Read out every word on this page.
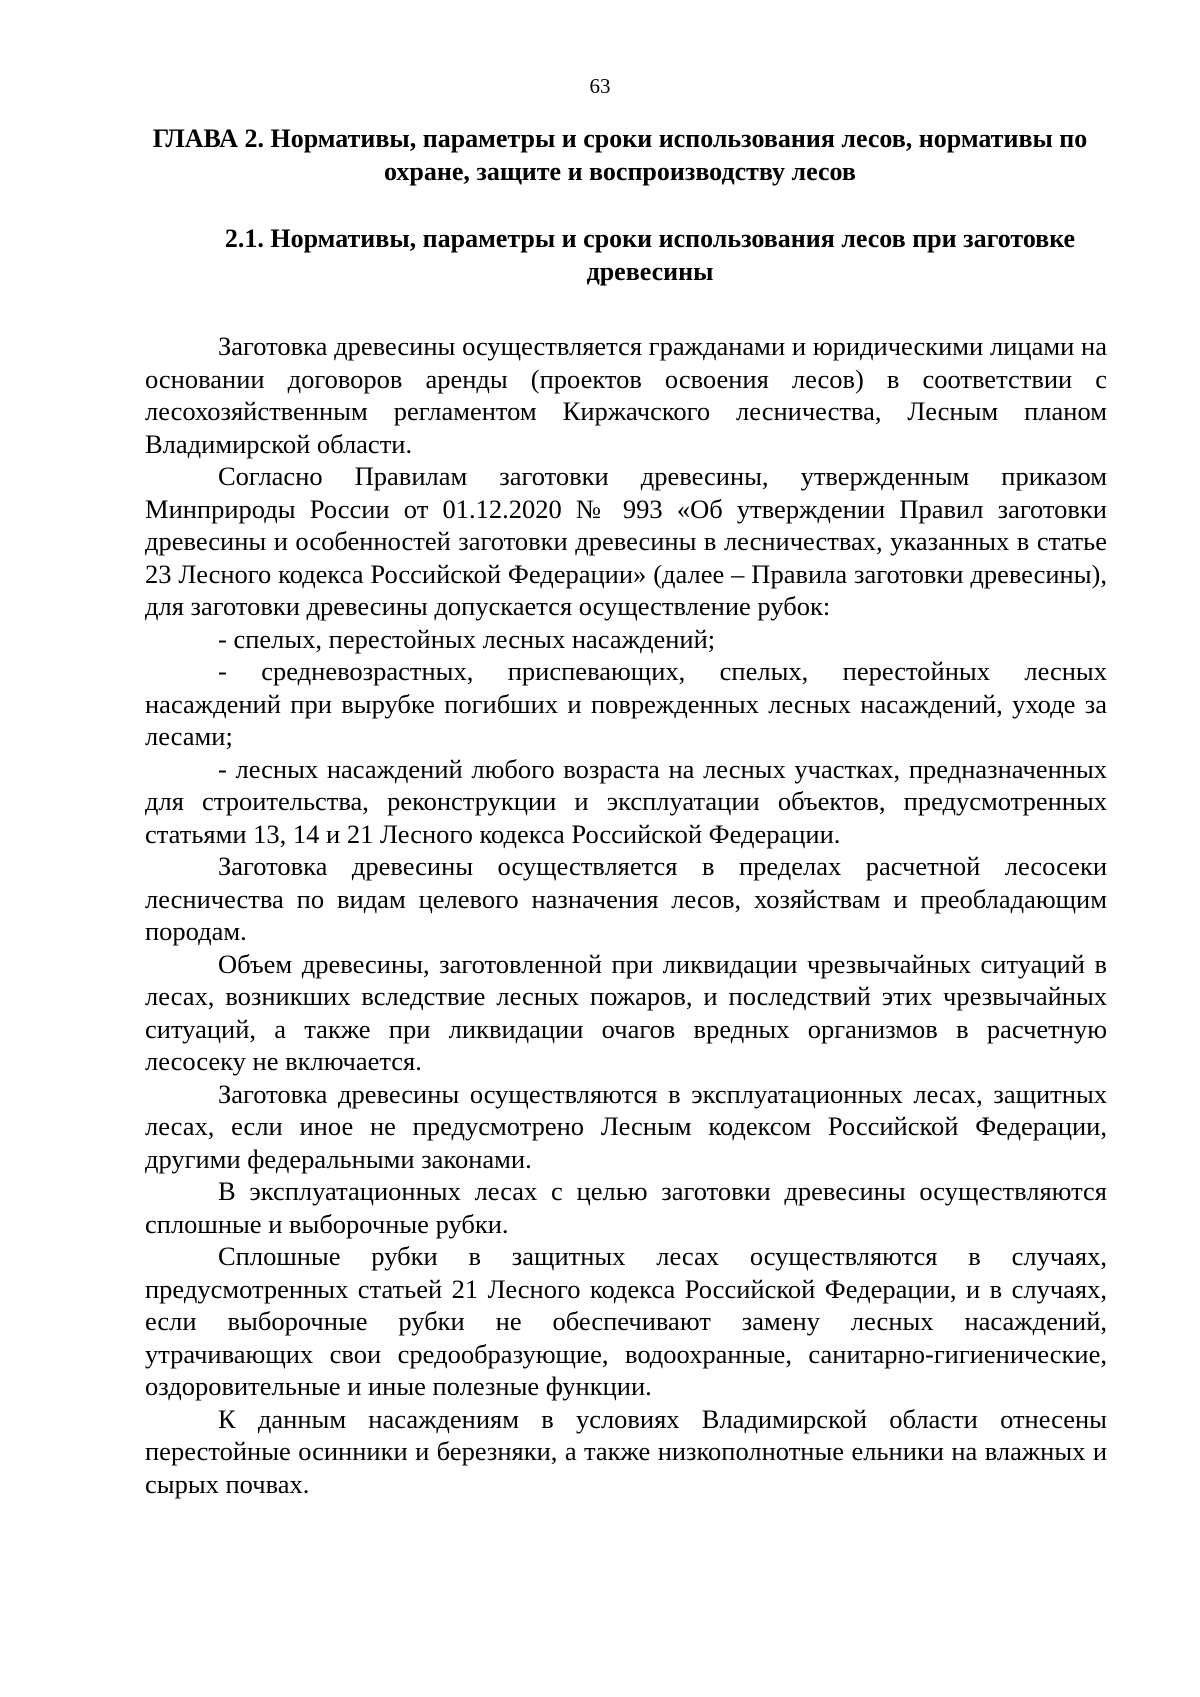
63
ГЛАВА 2. Нормативы, параметры и сроки использования лесов, нормативы по охране, защите и воспроизводству лесов
2.1. Нормативы, параметры и сроки использования лесов при заготовке древесины

Заготовка древесины осуществляется гражданами и юридическими лицами на основании договоров аренды (проектов освоения лесов) в соответствии с лесохозяйственным регламентом Киржачского лесничества, Лесным планом Владимирской области.

Согласно Правилам заготовки древесины, утвержденным приказом Минприроды России от 01.12.2020 № 993 «Об утверждении Правил заготовки древесины и особенностей заготовки древесины в лесничествах, указанных в статье 23 Лесного кодекса Российской Федерации» (далее – Правила заготовки древесины), для заготовки древесины допускается осуществление рубок:

- спелых, перестойных лесных насаждений;

- средневозрастных, приспевающих, спелых, перестойных лесных насаждений при вырубке погибших и поврежденных лесных насаждений, уходе за лесами;

- лесных насаждений любого возраста на лесных участках, предназначенных для строительства, реконструкции и эксплуатации объектов, предусмотренных статьями 13, 14 и 21 Лесного кодекса Российской Федерации.

Заготовка древесины осуществляется в пределах расчетной лесосеки лесничества по видам целевого назначения лесов, хозяйствам и преобладающим породам.

Объем древесины, заготовленной при ликвидации чрезвычайных ситуаций в лесах, возникших вследствие лесных пожаров, и последствий этих чрезвычайных ситуаций, а также при ликвидации очагов вредных организмов в расчетную лесосеку не включается.

Заготовка древесины осуществляются в эксплуатационных лесах, защитных лесах, если иное не предусмотрено Лесным кодексом Российской Федерации, другими федеральными законами.

В эксплуатационных лесах с целью заготовки древесины осуществляются сплошные и выборочные рубки.

Сплошные рубки в защитных лесах осуществляются в случаях, предусмотренных статьей 21 Лесного кодекса Российской Федерации, и в случаях, если выборочные рубки не обеспечивают замену лесных насаждений, утрачивающих свои средообразующие, водоохранные, санитарно-гигиенические, оздоровительные и иные полезные функции.

К данным насаждениям в условиях Владимирской области отнесены перестойные осинники и березняки, а также низкополнотные ельники на влажных и сырых почвах.
